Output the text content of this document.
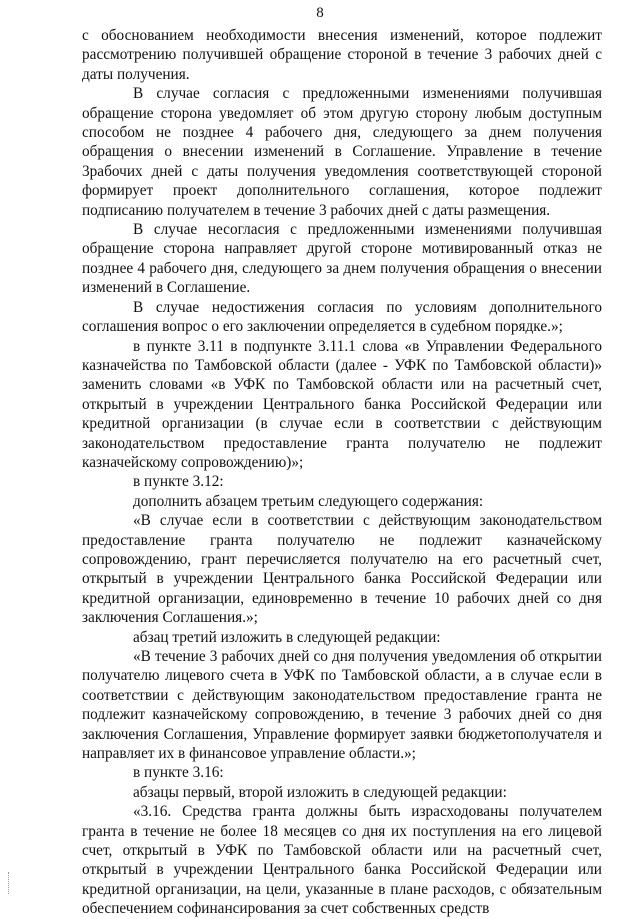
8

с обоснованием необходимости внесения изменений, которое подлежит рассмотрению получившей обращение стороной в течение 3 рабочих дней с даты получения.

В случае согласия с предложенными изменениями получившая обращение сторона уведомляет об этом другую сторону любым доступным способом не позднее 4 рабочего дня, следующего за днем получения обращения о внесении изменений в Соглашение. Управление в течение 3рабочих дней с даты получения уведомления соответствующей стороной формирует проект дополнительного соглашения, которое подлежит подписанию получателем в течение 3 рабочих дней с даты размещения.

В случае несогласия с предложенными изменениями получившая обращение сторона направляет другой стороне мотивированный отказ не позднее 4 рабочего дня, следующего за днем получения обращения о внесении изменений в Соглашение.

В случае недостижения согласия по условиям дополнительного соглашения вопрос о его заключении определяется в судебном порядке.»;

в пункте 3.11 в подпункте 3.11.1 слова «в Управлении Федерального казначейства по Тамбовской области (далее - УФК по Тамбовской области)» заменить словами «в УФК по Тамбовской области или на расчетный счет, открытый в учреждении Центрального банка Российской Федерации или кредитной организации (в случае если в соответствии с действующим законодательством предоставление гранта получателю не подлежит казначейскому сопровождению)»;

в пункте 3.12:

дополнить абзацем третьим следующего содержания:

«В случае если в соответствии с действующим законодательством предоставление гранта получателю не подлежит казначейскому сопровождению, грант перечисляется получателю на его расчетный счет, открытый в учреждении Центрального банка Российской Федерации или кредитной организации, единовременно в течение 10 рабочих дней со дня заключения Соглашения.»;

абзац третий изложить в следующей редакции:

«В течение 3 рабочих дней со дня получения уведомления об открытии получателю лицевого счета в УФК по Тамбовской области, а в случае если в соответствии с действующим законодательством предоставление гранта не подлежит казначейскому сопровождению, в течение 3 рабочих дней со дня заключения Соглашения, Управление формирует заявки бюджетополучателя и направляет их в финансовое управление области.»;

в пункте 3.16:

абзацы первый, второй изложить в следующей редакции:

«3.16. Средства гранта должны быть израсходованы получателем гранта в течение не более 18 месяцев со дня их поступления на его лицевой счет, открытый в УФК по Тамбовской области или на расчетный счет, открытый в учреждении Центрального банка Российской Федерации или кредитной организации, на цели, указанные в плане расходов, с обязательным обеспечением софинансирования за счет собственных средств
